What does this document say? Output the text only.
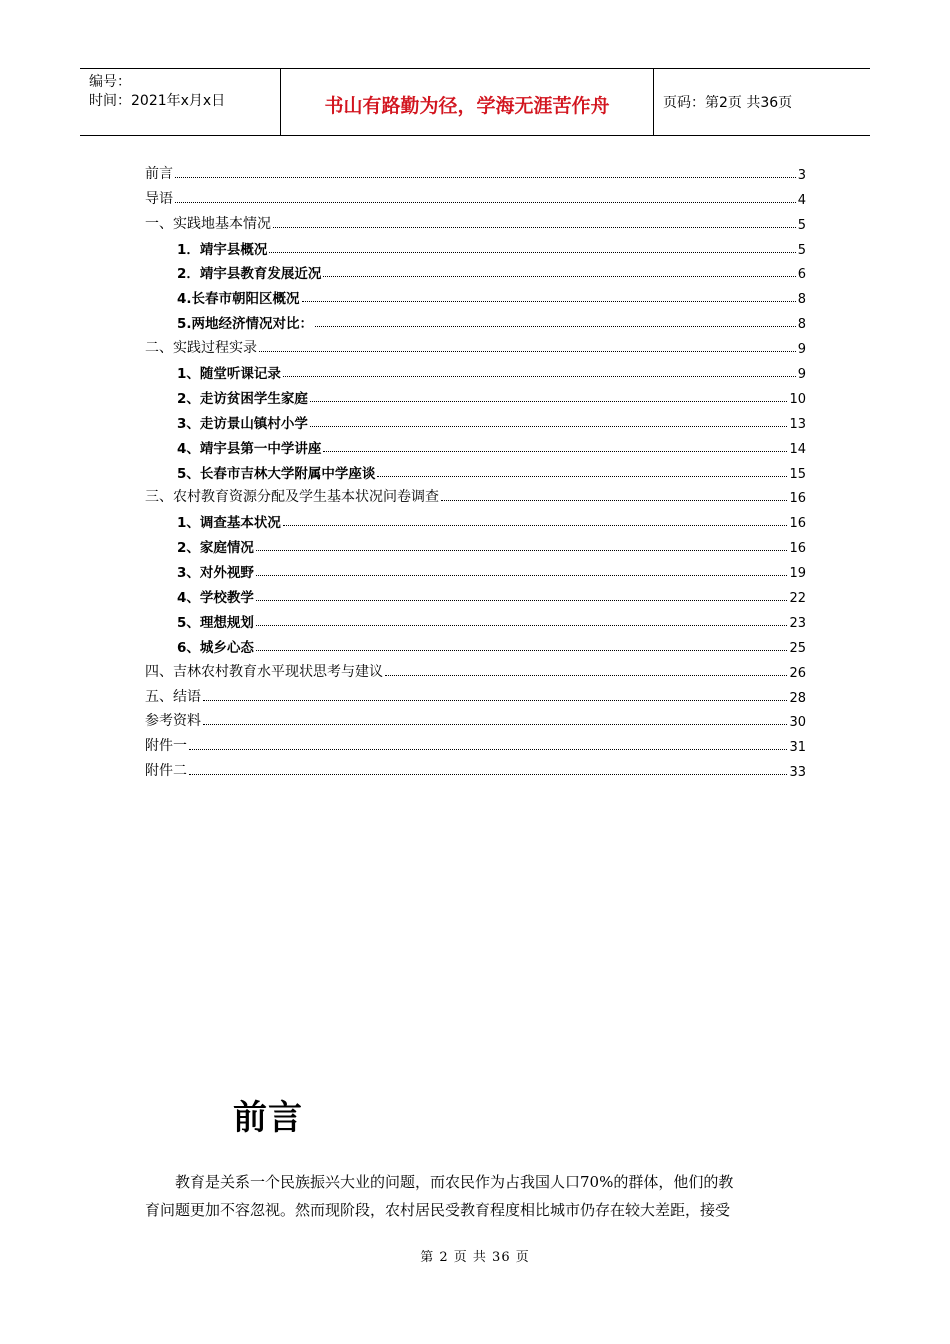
编号：
时间：2021年x月x日	书山有路勤为径，学海无涯苦作舟	页码：第2页 共36页
前言	3
导语	4
一、实践地基本情况	5
1．靖宇县概况	5
2．靖宇县教育发展近况	6
4.长春市朝阳区概况	8
5.两地经济情况对比：	8
二、实践过程实录	9
1、随堂听课记录	9
2、走访贫困学生家庭	10
3、走访景山镇村小学	13
4、靖宇县第一中学讲座	14
5、长春市吉林大学附属中学座谈	15
三、农村教育资源分配及学生基本状况问卷调查	16
1、调查基本状况	16
2、家庭情况	16
3、对外视野	19
4、学校教学	22
5、理想规划	23
6、城乡心态	25
四、吉林农村教育水平现状思考与建议	26
五、结语	28
参考资料	30
附件一	31
附件二	33
前言
教育是关系一个民族振兴大业的问题，而农民作为占我国人口70%的群体，他们的教
育问题更加不容忽视。然而现阶段，农村居民受教育程度相比城市仍存在较大差距，接受
第 2 页 共 36 页
